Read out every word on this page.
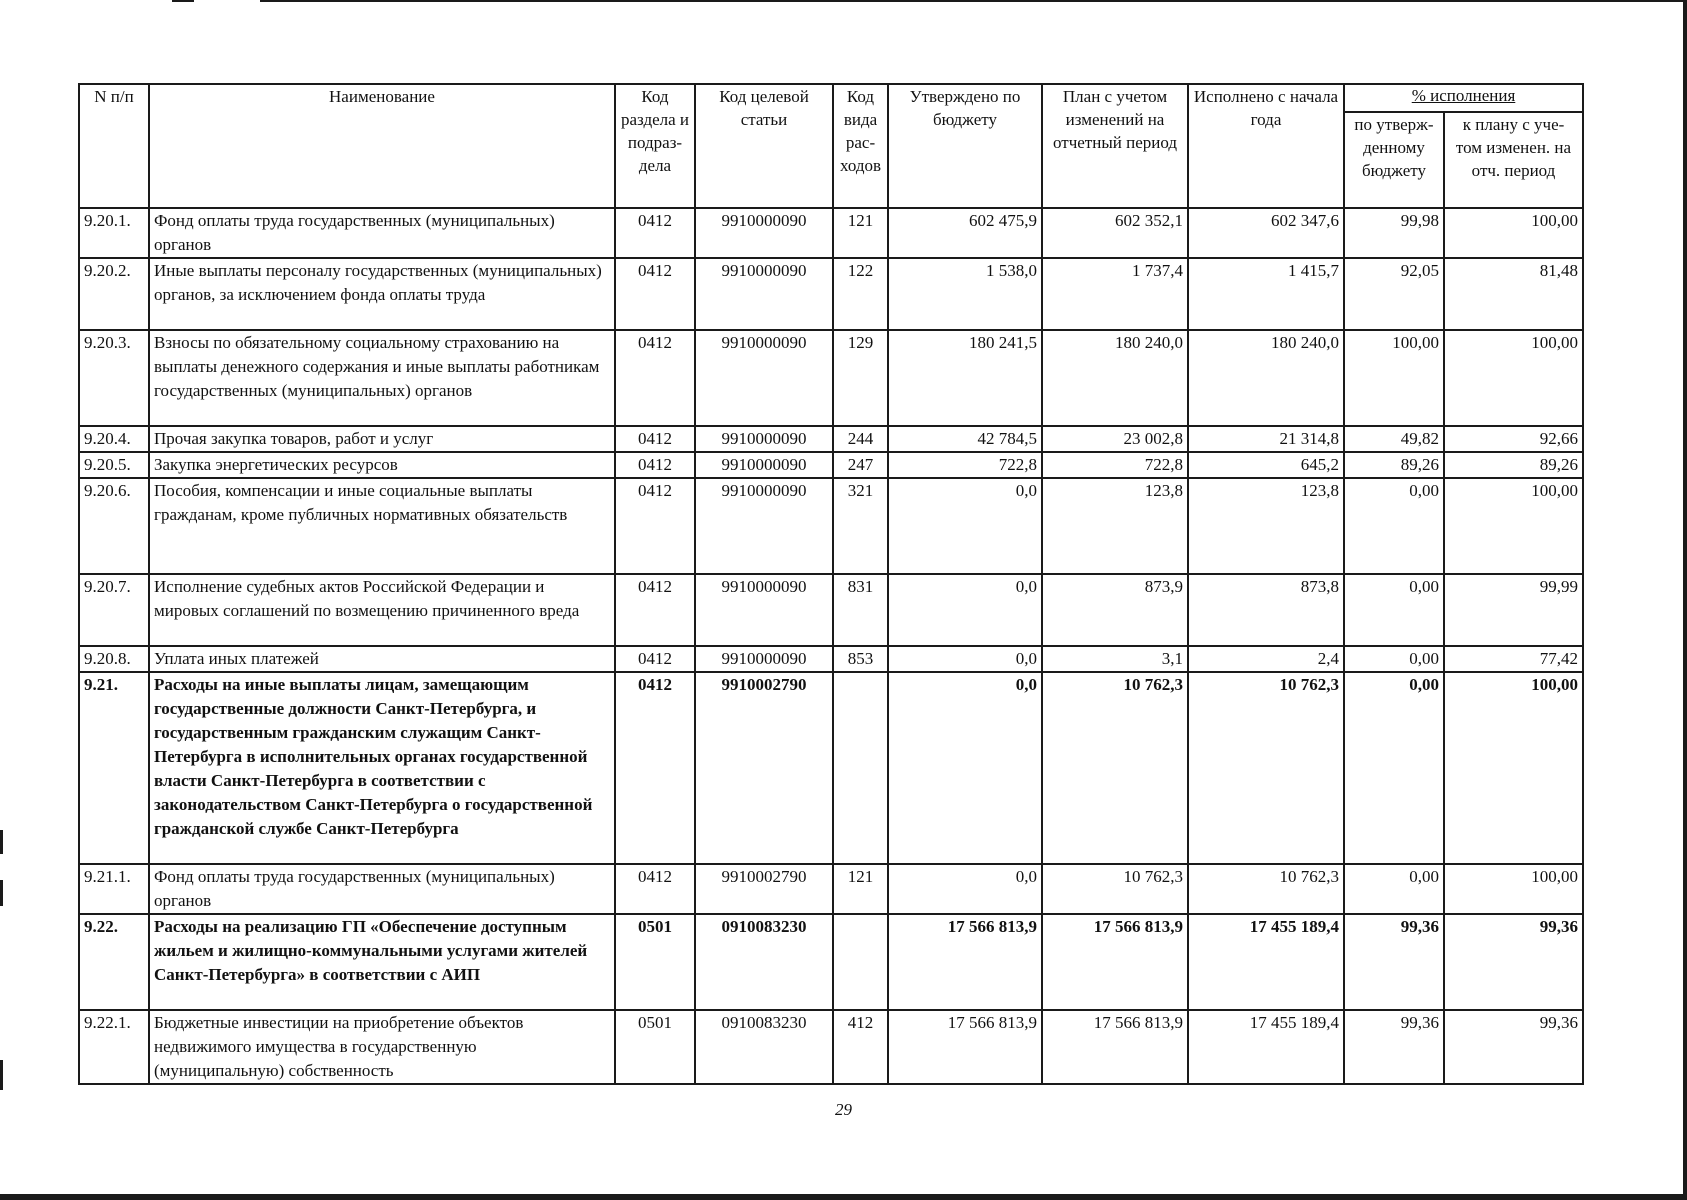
N п/п	Наименование	Код раздела и подраз- дела	Код целевой статьи	Код вида рас- ходов	Утверждено по бюджету	План с учетом изменений на отчетный период	Исполнено с начала года	% исполнения	

								по утверж- денному бюджету	к плану с уче- том изменен. на отч. период
9.20.1.	Фонд оплаты труда государственных (муниципальных) органов	0412	9910000090	121	602 475,9	602 352,1	602 347,6	99,98	100,00
9.20.2.	Иные выплаты персоналу государственных (муниципальных) органов, за исключением фонда оплаты труда	0412	9910000090	122	1 538,0	1 737,4	1 415,7	92,05	81,48
9.20.3.	Взносы по обязательному социальному страхованию на выплаты денежного содержания и иные выплаты работникам государственных (муниципальных) органов	0412	9910000090	129	180 241,5	180 240,0	180 240,0	100,00	100,00
9.20.4.	Прочая закупка товаров, работ и услуг	0412	9910000090	244	42 784,5	23 002,8	21 314,8	49,82	92,66
9.20.5.	Закупка энергетических ресурсов	0412	9910000090	247	722,8	722,8	645,2	89,26	89,26
9.20.6.	Пособия, компенсации и иные социальные выплаты гражданам, кроме публичных нормативных обязательств	0412	9910000090	321	0,0	123,8	123,8	0,00	100,00
9.20.7.	Исполнение судебных актов Российской Федерации и мировых соглашений по возмещению причиненного вреда	0412	9910000090	831	0,0	873,9	873,8	0,00	99,99
9.20.8.	Уплата иных платежей	0412	9910000090	853	0,0	3,1	2,4	0,00	77,42
9.21.	Расходы на иные выплаты лицам, замещающим государственные должности Санкт-Петербурга, и государственным гражданским служащим Санкт-Петербурга в исполнительных органах государственной власти Санкт-Петербурга в соответствии с законодательством Санкт-Петербурга о государственной гражданской службе Санкт-Петербурга	0412	9910002790		0,0	10 762,3	10 762,3	0,00	100,00
9.21.1.	Фонд оплаты труда государственных (муниципальных) органов	0412	9910002790	121	0,0	10 762,3	10 762,3	0,00	100,00
9.22.	Расходы на реализацию ГП «Обеспечение доступным жильем и жилищно-коммунальными услугами жителей Санкт-Петербурга» в соответствии с АИП	0501	0910083230		17 566 813,9	17 566 813,9	17 455 189,4	99,36	99,36
9.22.1.	Бюджетные инвестиции на приобретение объектов недвижимого имущества в государственную (муниципальную) собственность	0501	0910083230	412	17 566 813,9	17 566 813,9	17 455 189,4	99,36	99,36
29
